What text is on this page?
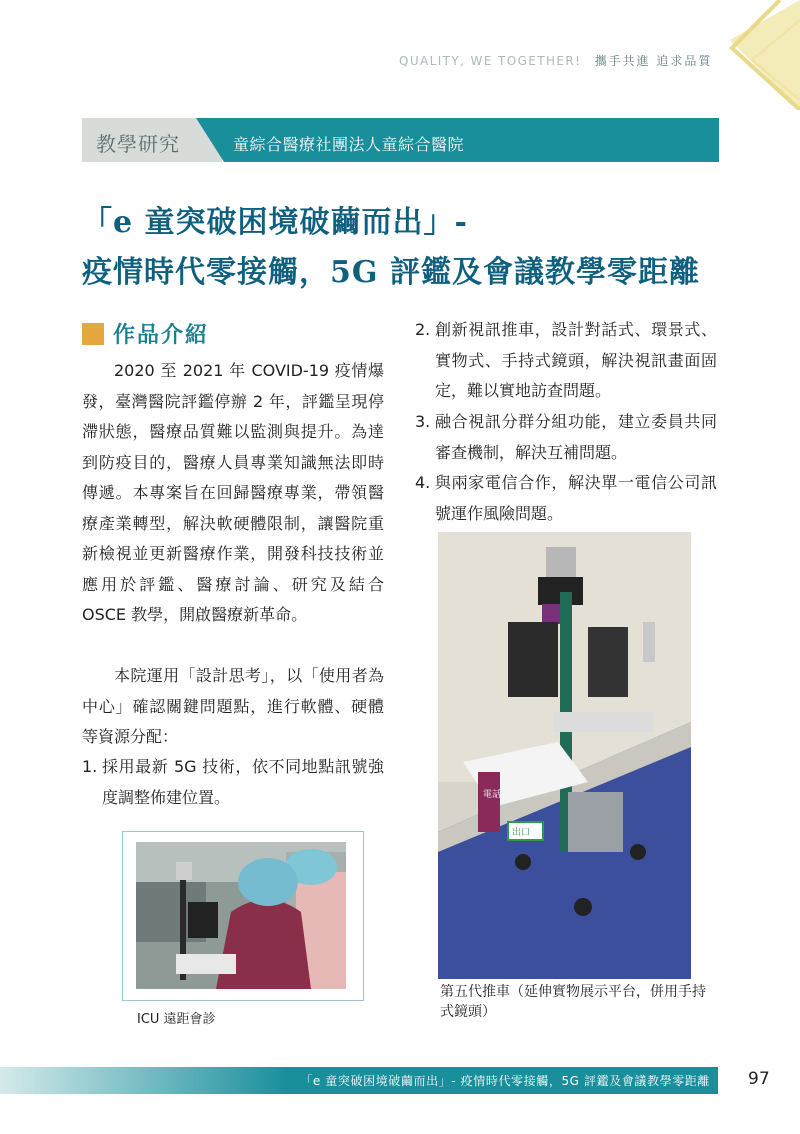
QUALITY, WE TOGETHER! 攜手共進 追求品質
教學研究	童綜合醫療社團法人童綜合醫院
「e 童突破困境破繭而出」-
疫情時代零接觸，5G 評鑑及會議教學零距離
作品介紹
2020 至 2021 年 COVID-19 疫情爆發，臺灣醫院評鑑停辦 2 年，評鑑呈現停滯狀態，醫療品質難以監測與提升。為達到防疫目的，醫療人員專業知識無法即時傳遞。本專案旨在回歸醫療專業，帶領醫療產業轉型，解決軟硬體限制，讓醫院重新檢視並更新醫療作業，開發科技技術並應用於評鑑、醫療討論、研究及結合 OSCE 教學，開啟醫療新革命。
本院運用「設計思考」，以「使用者為中心」確認關鍵問題點，進行軟體、硬體等資源分配：
1. 採用最新 5G 技術，依不同地點訊號強度調整佈建位置。
2. 創新視訊推車，設計對話式、環景式、實物式、手持式鏡頭，解決視訊畫面固定，難以實地訪查問題。
3. 融合視訊分群分組功能，建立委員共同審查機制，解決互補問題。
4. 與兩家電信合作，解決單一電信公司訊號運作風險問題。
ICU 遠距會診
電話
出口
第五代推車（延伸實物展示平台，併用手持式鏡頭）
「e 童突破困境破繭而出」- 疫情時代零接觸，5G 評鑑及會議教學零距離 97
